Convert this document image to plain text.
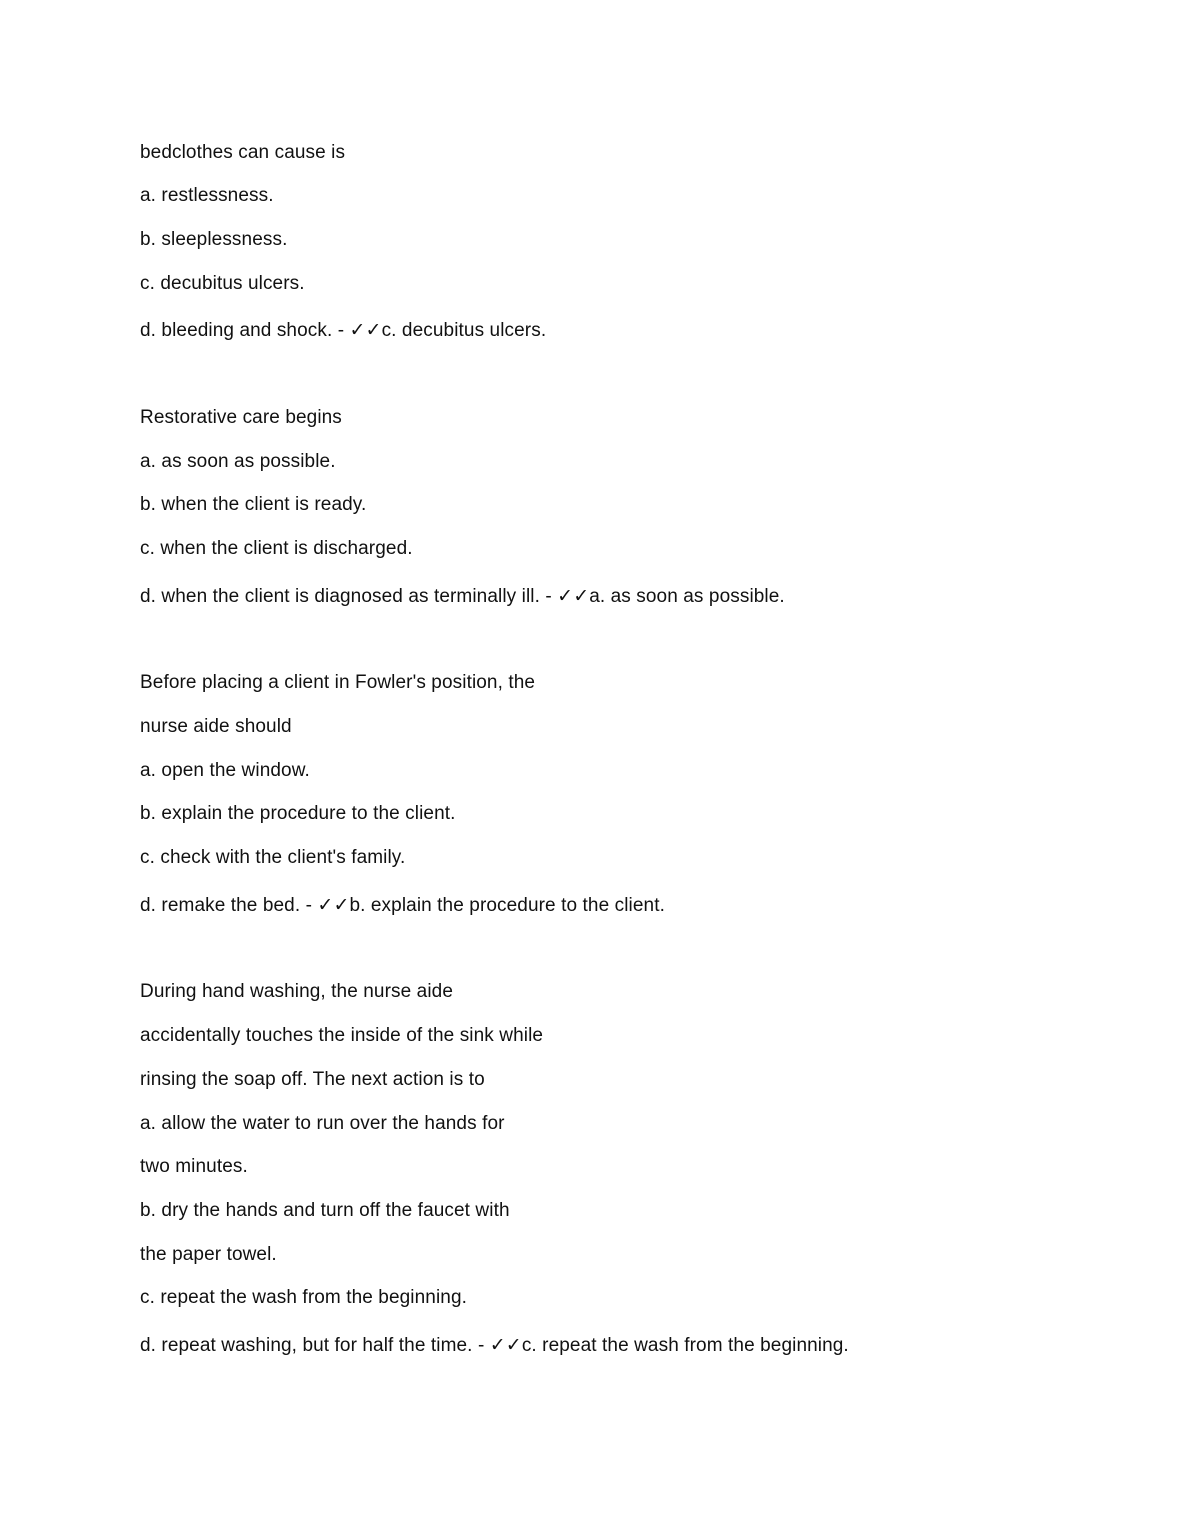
bedclothes can cause is
a. restlessness.
b. sleeplessness.
c. decubitus ulcers.
d. bleeding and shock. - ✓✓c. decubitus ulcers.
Restorative care begins
a. as soon as possible.
b. when the client is ready.
c. when the client is discharged.
d. when the client is diagnosed as terminally ill. - ✓✓a. as soon as possible.
Before placing a client in Fowler's position, the
nurse aide should
a. open the window.
b. explain the procedure to the client.
c. check with the client's family.
d. remake the bed. - ✓✓b. explain the procedure to the client.
During hand washing, the nurse aide
accidentally touches the inside of the sink while
rinsing the soap off. The next action is to
a. allow the water to run over the hands for
two minutes.
b. dry the hands and turn off the faucet with
the paper towel.
c. repeat the wash from the beginning.
d. repeat washing, but for half the time. - ✓✓c. repeat the wash from the beginning.
